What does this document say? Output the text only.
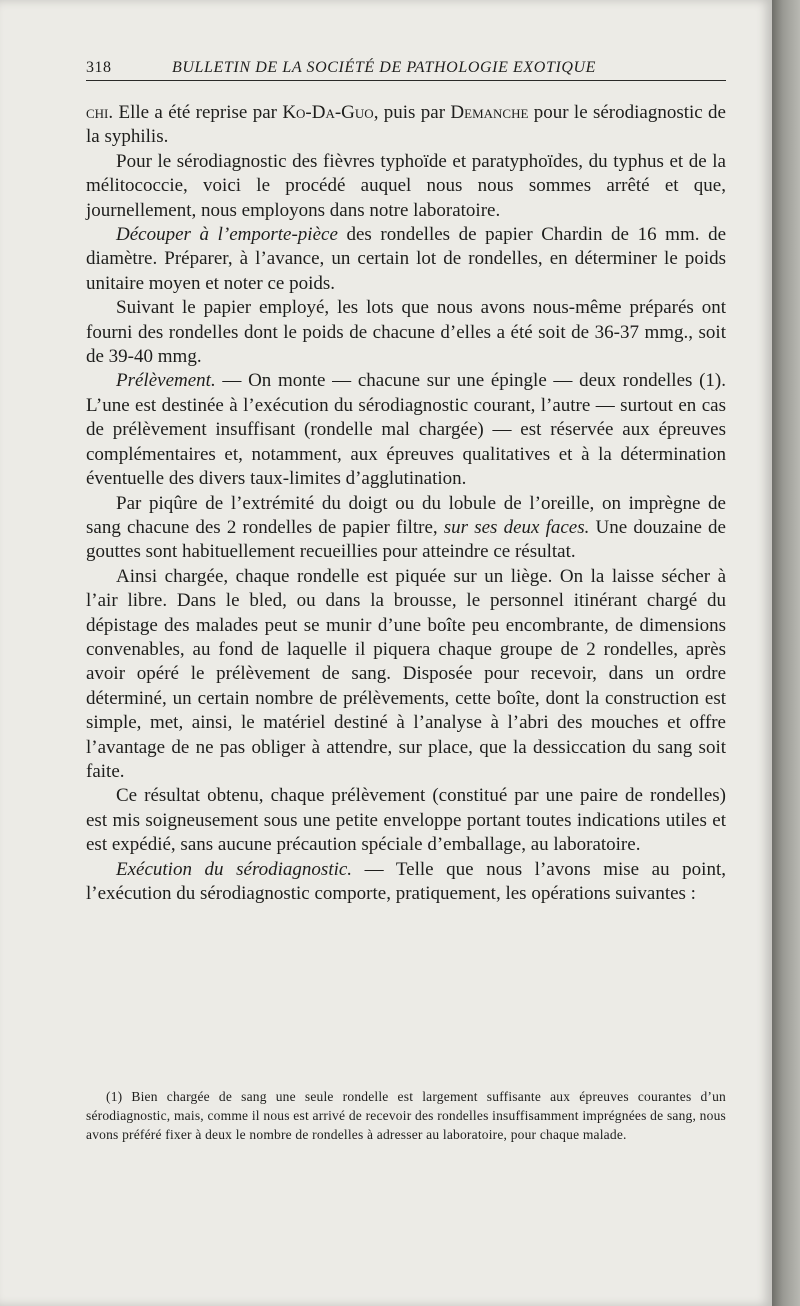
318	BULLETIN DE LA SOCIÉTÉ DE PATHOLOGIE EXOTIQUE

chi. Elle a été reprise par Ko-Da-Guo, puis par Demanche pour le sérodiagnostic de la syphilis.

Pour le sérodiagnostic des fièvres typhoïde et paratyphoïdes, du typhus et de la mélitococcie, voici le procédé auquel nous nous sommes arrêté et que, journellement, nous employons dans notre laboratoire.

Découper à l’emporte-pièce des rondelles de papier Chardin de 16 mm. de diamètre. Préparer, à l’avance, un certain lot de rondelles, en déterminer le poids unitaire moyen et noter ce poids.

Suivant le papier employé, les lots que nous avons nous-même préparés ont fourni des rondelles dont le poids de chacune d’elles a été soit de 36-37 mmg., soit de 39-40 mmg.

Prélèvement. — On monte — chacune sur une épingle — deux rondelles (1). L’une est destinée à l’exécution du sérodiagnostic courant, l’autre — surtout en cas de prélèvement insuffisant (rondelle mal chargée) — est réservée aux épreuves complémentaires et, notamment, aux épreuves qualitatives et à la détermination éventuelle des divers taux-limites d’agglutination.

Par piqûre de l’extrémité du doigt ou du lobule de l’oreille, on imprègne de sang chacune des 2 rondelles de papier filtre, sur ses deux faces. Une douzaine de gouttes sont habituellement recueillies pour atteindre ce résultat.

Ainsi chargée, chaque rondelle est piquée sur un liège. On la laisse sécher à l’air libre. Dans le bled, ou dans la brousse, le personnel itinérant chargé du dépistage des malades peut se munir d’une boîte peu encombrante, de dimensions convenables, au fond de laquelle il piquera chaque groupe de 2 rondelles, après avoir opéré le prélèvement de sang. Disposée pour recevoir, dans un ordre déterminé, un certain nombre de prélèvements, cette boîte, dont la construction est simple, met, ainsi, le matériel destiné à l’analyse à l’abri des mouches et offre l’avantage de ne pas obliger à attendre, sur place, que la dessiccation du sang soit faite.

Ce résultat obtenu, chaque prélèvement (constitué par une paire de rondelles) est mis soigneusement sous une petite enveloppe portant toutes indications utiles et est expédié, sans aucune précaution spéciale d’emballage, au laboratoire.

Exécution du sérodiagnostic. — Telle que nous l’avons mise au point, l’exécution du sérodiagnostic comporte, pratiquement, les opérations suivantes :

(1) Bien chargée de sang une seule rondelle est largement suffisante aux épreuves courantes d’un sérodiagnostic, mais, comme il nous est arrivé de recevoir des rondelles insuffisamment imprégnées de sang, nous avons préféré fixer à deux le nombre de rondelles à adresser au laboratoire, pour chaque malade.
